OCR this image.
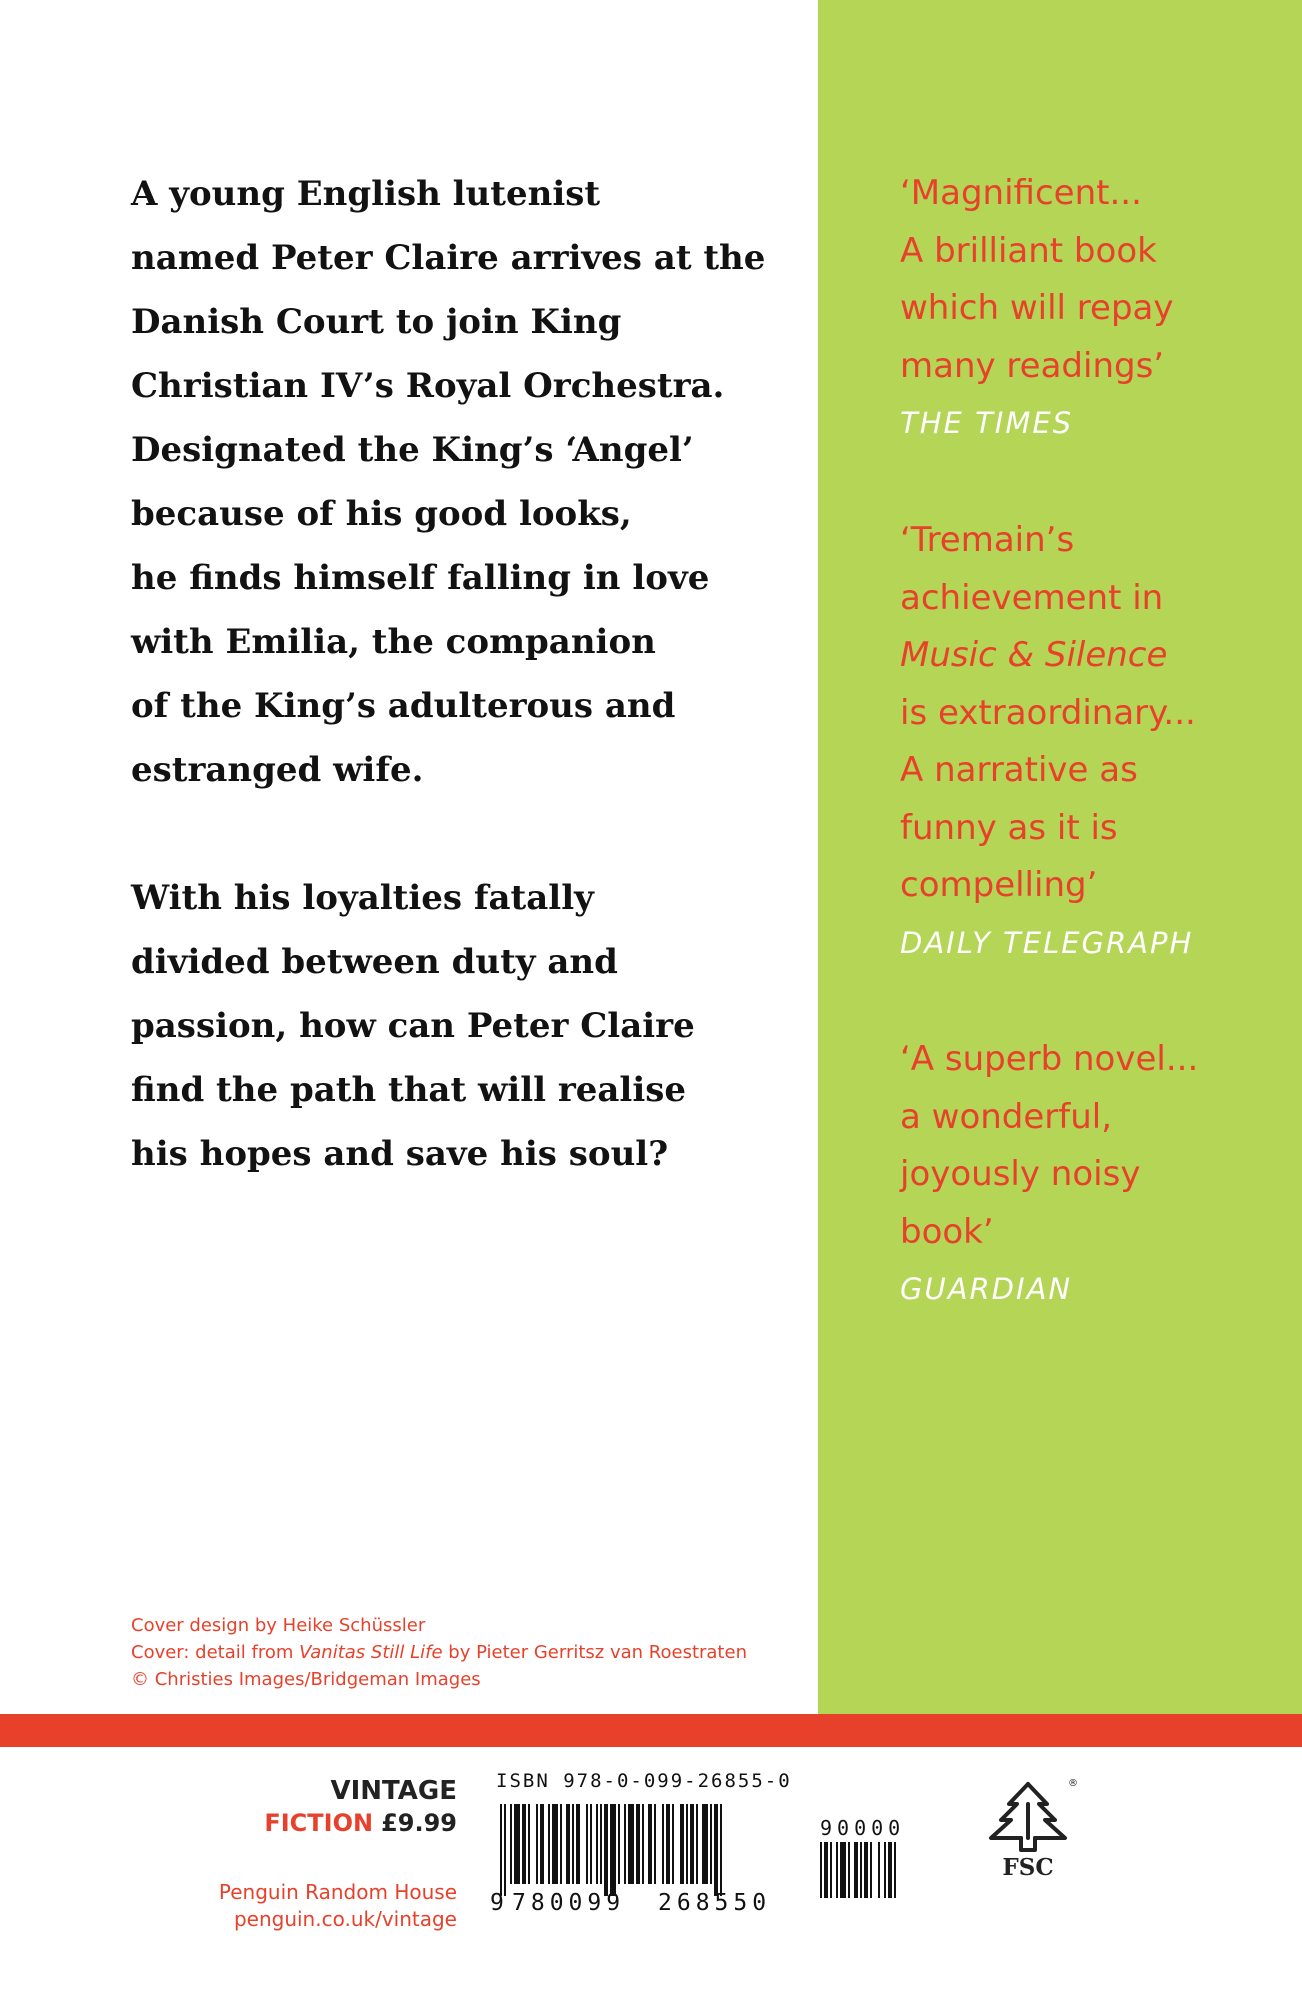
A young English lutenist
named Peter Claire arrives at the
Danish Court to join King
Christian IV’s Royal Orchestra.
Designated the King’s ‘Angel’
because of his good looks,
he finds himself falling in love
with Emilia, the companion
of the King’s adulterous and
estranged wife.

With his loyalties fatally
divided between duty and
passion, how can Peter Claire
find the path that will realise
his hopes and save his soul?

‘Magnificent...
A brilliant book
which will repay
many readings’
THE TIMES

‘Tremain’s
achievement in
Music & Silence
is extraordinary...
A narrative as
funny as it is
compelling’
DAILY TELEGRAPH

‘A superb novel...
a wonderful,
joyously noisy
book’
GUARDIAN

Cover design by Heike Schüssler
Cover: detail from Vanitas Still Life by Pieter Gerritsz van Roestraten
© Christies Images/Bridgeman Images

VINTAGE
FICTION £9.99
Penguin Random House
penguin.co.uk/vintage
ISBN 978-0-099-26855-0
90000
9 780099 268550
®
FSC
